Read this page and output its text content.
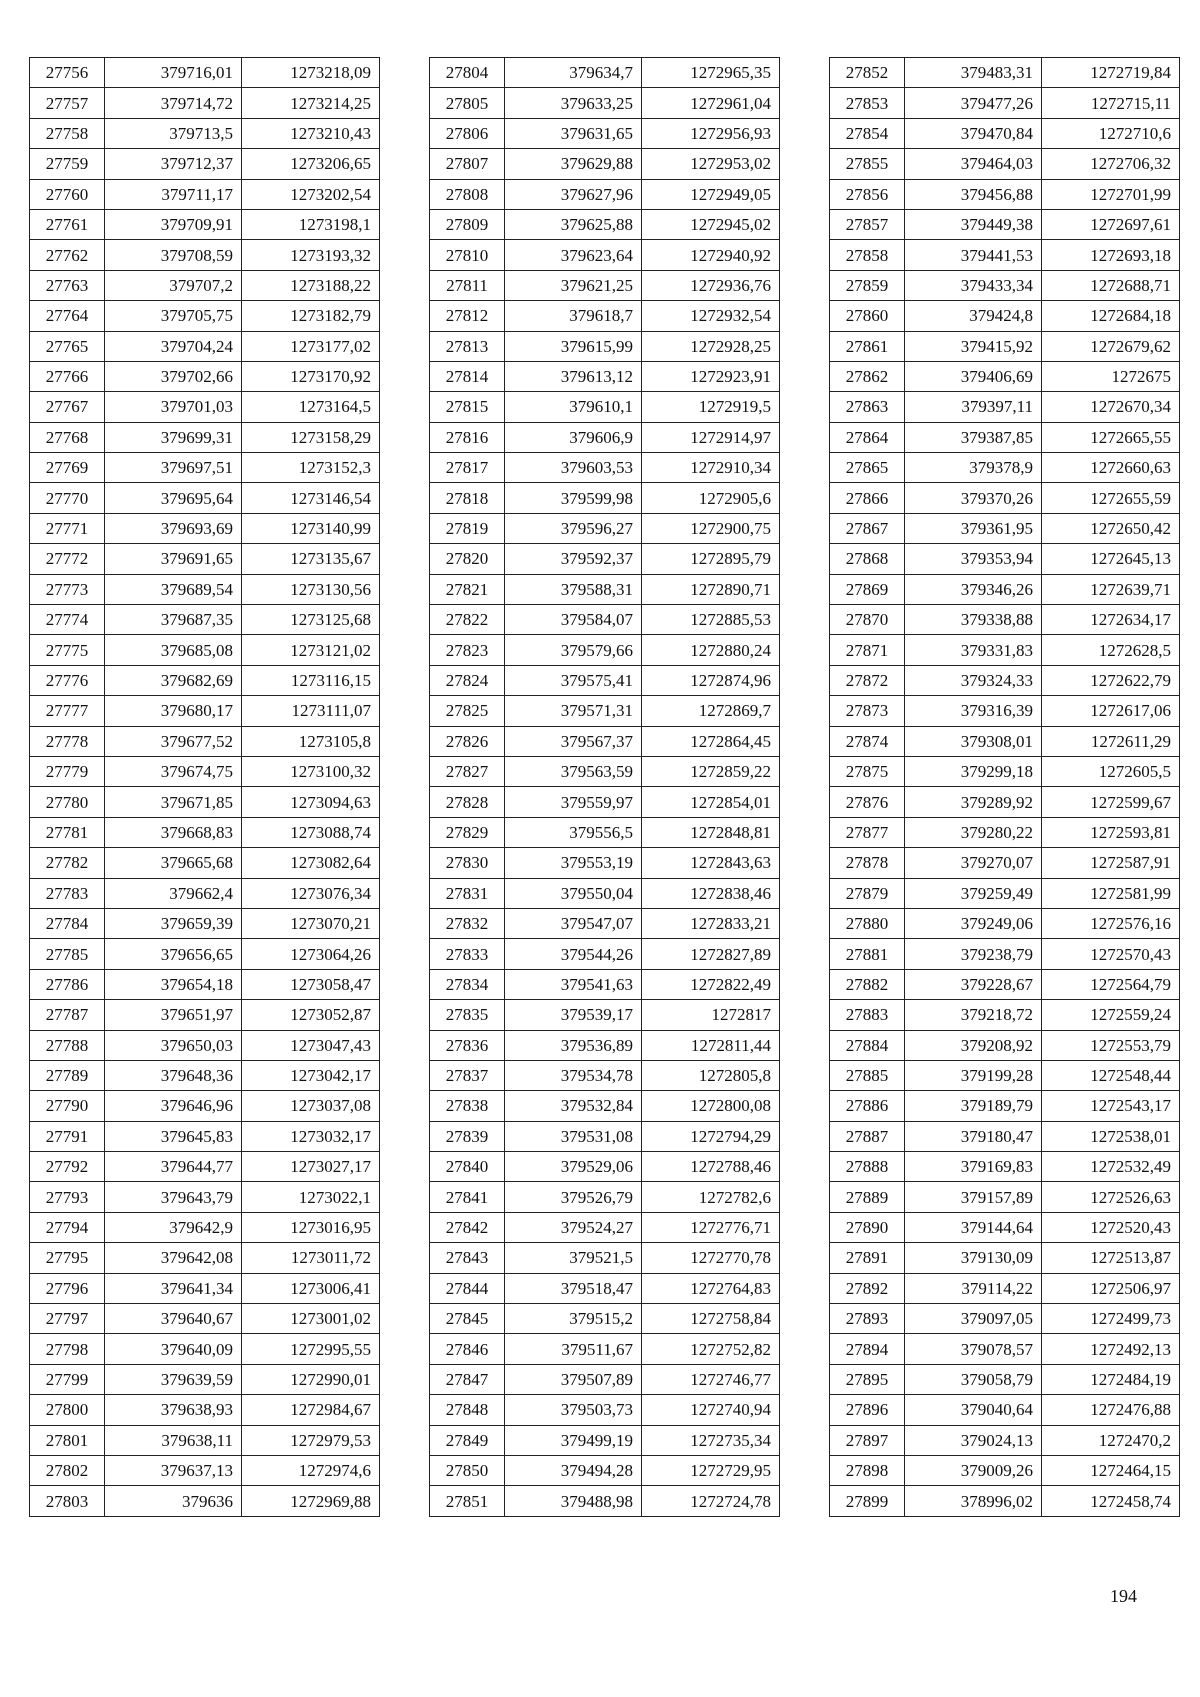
27756	379716,01	1273218,09
27757	379714,72	1273214,25
27758	379713,5	1273210,43
27759	379712,37	1273206,65
27760	379711,17	1273202,54
27761	379709,91	1273198,1
27762	379708,59	1273193,32
27763	379707,2	1273188,22
27764	379705,75	1273182,79
27765	379704,24	1273177,02
27766	379702,66	1273170,92
27767	379701,03	1273164,5
27768	379699,31	1273158,29
27769	379697,51	1273152,3
27770	379695,64	1273146,54
27771	379693,69	1273140,99
27772	379691,65	1273135,67
27773	379689,54	1273130,56
27774	379687,35	1273125,68
27775	379685,08	1273121,02
27776	379682,69	1273116,15
27777	379680,17	1273111,07
27778	379677,52	1273105,8
27779	379674,75	1273100,32
27780	379671,85	1273094,63
27781	379668,83	1273088,74
27782	379665,68	1273082,64
27783	379662,4	1273076,34
27784	379659,39	1273070,21
27785	379656,65	1273064,26
27786	379654,18	1273058,47
27787	379651,97	1273052,87
27788	379650,03	1273047,43
27789	379648,36	1273042,17
27790	379646,96	1273037,08
27791	379645,83	1273032,17
27792	379644,77	1273027,17
27793	379643,79	1273022,1
27794	379642,9	1273016,95
27795	379642,08	1273011,72
27796	379641,34	1273006,41
27797	379640,67	1273001,02
27798	379640,09	1272995,55
27799	379639,59	1272990,01
27800	379638,93	1272984,67
27801	379638,11	1272979,53
27802	379637,13	1272974,6
27803	379636	1272969,88
27804	379634,7	1272965,35
27805	379633,25	1272961,04
27806	379631,65	1272956,93
27807	379629,88	1272953,02
27808	379627,96	1272949,05
27809	379625,88	1272945,02
27810	379623,64	1272940,92
27811	379621,25	1272936,76
27812	379618,7	1272932,54
27813	379615,99	1272928,25
27814	379613,12	1272923,91
27815	379610,1	1272919,5
27816	379606,9	1272914,97
27817	379603,53	1272910,34
27818	379599,98	1272905,6
27819	379596,27	1272900,75
27820	379592,37	1272895,79
27821	379588,31	1272890,71
27822	379584,07	1272885,53
27823	379579,66	1272880,24
27824	379575,41	1272874,96
27825	379571,31	1272869,7
27826	379567,37	1272864,45
27827	379563,59	1272859,22
27828	379559,97	1272854,01
27829	379556,5	1272848,81
27830	379553,19	1272843,63
27831	379550,04	1272838,46
27832	379547,07	1272833,21
27833	379544,26	1272827,89
27834	379541,63	1272822,49
27835	379539,17	1272817
27836	379536,89	1272811,44
27837	379534,78	1272805,8
27838	379532,84	1272800,08
27839	379531,08	1272794,29
27840	379529,06	1272788,46
27841	379526,79	1272782,6
27842	379524,27	1272776,71
27843	379521,5	1272770,78
27844	379518,47	1272764,83
27845	379515,2	1272758,84
27846	379511,67	1272752,82
27847	379507,89	1272746,77
27848	379503,73	1272740,94
27849	379499,19	1272735,34
27850	379494,28	1272729,95
27851	379488,98	1272724,78
27852	379483,31	1272719,84
27853	379477,26	1272715,11
27854	379470,84	1272710,6
27855	379464,03	1272706,32
27856	379456,88	1272701,99
27857	379449,38	1272697,61
27858	379441,53	1272693,18
27859	379433,34	1272688,71
27860	379424,8	1272684,18
27861	379415,92	1272679,62
27862	379406,69	1272675
27863	379397,11	1272670,34
27864	379387,85	1272665,55
27865	379378,9	1272660,63
27866	379370,26	1272655,59
27867	379361,95	1272650,42
27868	379353,94	1272645,13
27869	379346,26	1272639,71
27870	379338,88	1272634,17
27871	379331,83	1272628,5
27872	379324,33	1272622,79
27873	379316,39	1272617,06
27874	379308,01	1272611,29
27875	379299,18	1272605,5
27876	379289,92	1272599,67
27877	379280,22	1272593,81
27878	379270,07	1272587,91
27879	379259,49	1272581,99
27880	379249,06	1272576,16
27881	379238,79	1272570,43
27882	379228,67	1272564,79
27883	379218,72	1272559,24
27884	379208,92	1272553,79
27885	379199,28	1272548,44
27886	379189,79	1272543,17
27887	379180,47	1272538,01
27888	379169,83	1272532,49
27889	379157,89	1272526,63
27890	379144,64	1272520,43
27891	379130,09	1272513,87
27892	379114,22	1272506,97
27893	379097,05	1272499,73
27894	379078,57	1272492,13
27895	379058,79	1272484,19
27896	379040,64	1272476,88
27897	379024,13	1272470,2
27898	379009,26	1272464,15
27899	378996,02	1272458,74
194
